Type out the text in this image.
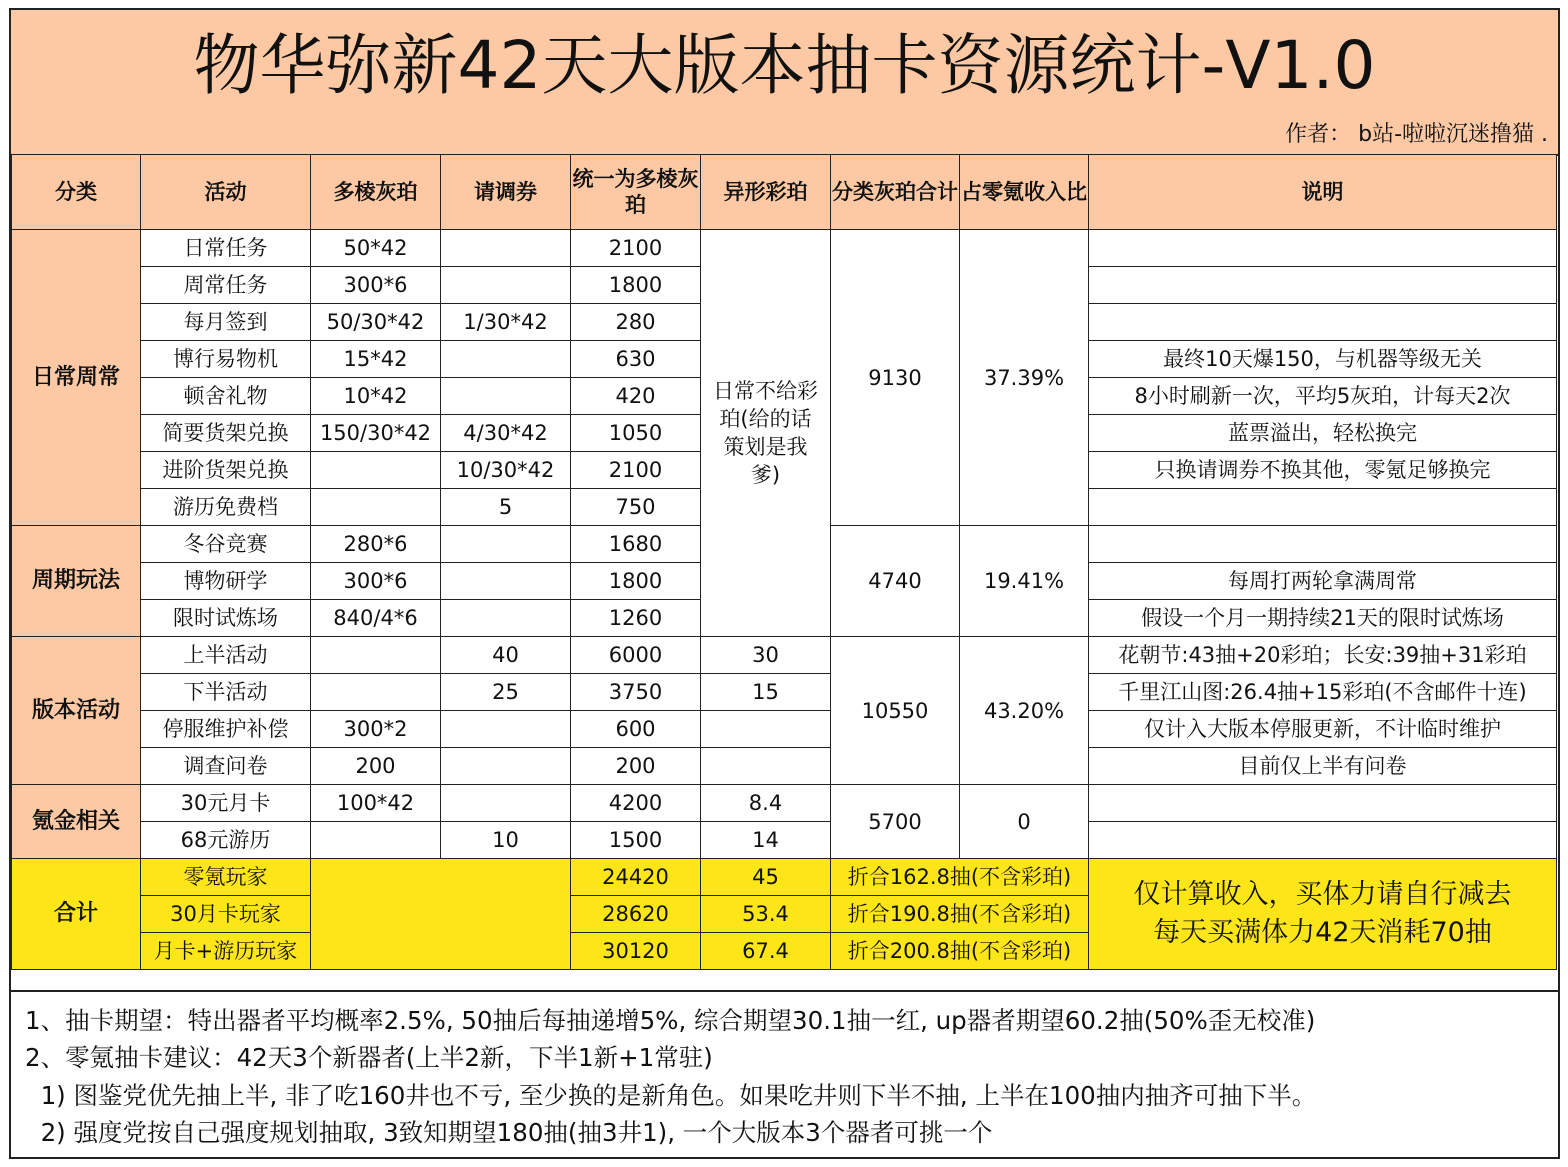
物华弥新42天大版本抽卡资源统计-V1.0
作者： b站-啦啦沉迷撸猫 .
分类	活动	多棱灰珀	请调券	统一为多棱灰珀	异形彩珀	分类灰珀合计	占零氪收入比	说明
日常周常	日常任务	50*42		2100	日常不给彩珀(给的话策划是我爹)	9130	37.39%	
	周常任务	300*6		1800				
	每月签到	50/30*42	1/30*42	280				
	博行易物机	15*42		630				最终10天爆150，与机器等级无关
	顿舍礼物	10*42		420				8小时刷新一次，平均5灰珀，计每天2次
	简要货架兑换	150/30*42	4/30*42	1050				蓝票溢出，轻松换完
	进阶货架兑换		10/30*42	2100				只换请调券不换其他，零氪足够换完
	游历免费档		5	750				
周期玩法	冬谷竞赛	280*6		1680		4740	19.41%	
	博物研学	300*6		1800				每周打两轮拿满周常
	限时试炼场	840/4*6		1260				假设一个月一期持续21天的限时试炼场
版本活动	上半活动		40	6000	30	10550	43.20%	花朝节:43抽+20彩珀；长安:39抽+31彩珀
	下半活动		25	3750	15			千里江山图:26.4抽+15彩珀(不含邮件十连)
	停服维护补偿	300*2		600				仅计入大版本停服更新，不计临时维护
	调查问卷	200		200				目前仅上半有问卷
氪金相关	30元月卡	100*42		4200	8.4	5700	0	
	68元游历		10	1500	14			
合计	零氪玩家			24420	45	折合162.8抽(不含彩珀)		仅计算收入，买体力请自行减去
每天买满体力42天消耗70抽

	30月卡玩家			28620	53.4	折合190.8抽(不含彩珀)		
	月卡+游历玩家			30120	67.4	折合200.8抽(不含彩珀)		
1、抽卡期望：特出器者平均概率2.5%, 50抽后每抽递增5%, 综合期望30.1抽一红, up器者期望60.2抽(50%歪无校准)
2、零氪抽卡建议：42天3个新器者(上半2新，下半1新+1常驻)
1) 图鉴党优先抽上半, 非了吃160井也不亏, 至少换的是新角色。如果吃井则下半不抽, 上半在100抽内抽齐可抽下半。
2) 强度党按自己强度规划抽取, 3致知期望180抽(抽3井1), 一个大版本3个器者可挑一个
